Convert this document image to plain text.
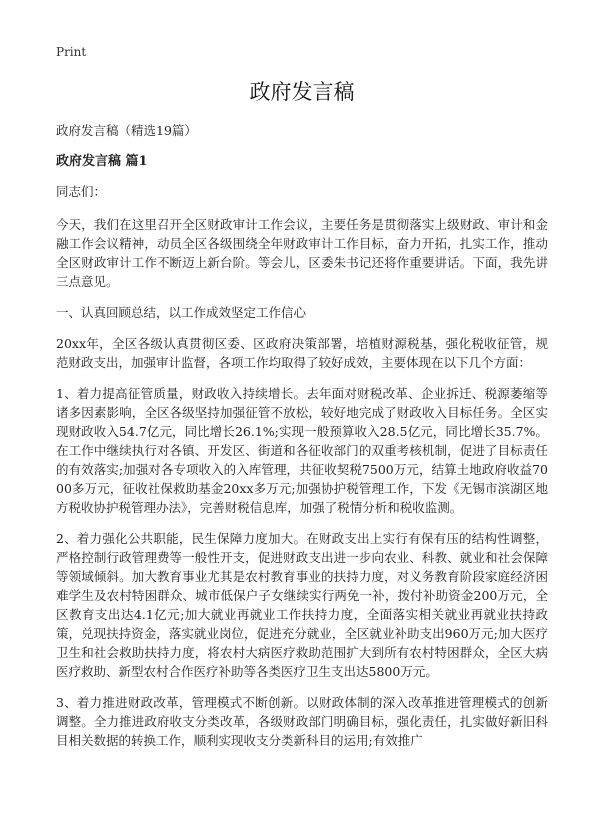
Print
政府发言稿
政府发言稿（精选19篇）
政府发言稿 篇1
同志们：

今天，我们在这里召开全区财政审计工作会议，主要任务是贯彻落实上级财政、审计和金融工作会议精神，动员全区各级围绕全年财政审计工作目标，奋力开拓，扎实工作，推动全区财政审计工作不断迈上新台阶。等会儿，区委朱书记还将作重要讲话。下面，我先讲三点意见。

一、认真回顾总结，以工作成效坚定工作信心

20xx年，全区各级认真贯彻区委、区政府决策部署，培植财源税基，强化税收征管，规范财政支出，加强审计监督，各项工作均取得了较好成效，主要体现在以下几个方面：

1、着力提高征管质量，财政收入持续增长。去年面对财税改革、企业拆迁、税源萎缩等诸多因素影响，全区各级坚持加强征管不放松，较好地完成了财政收入目标任务。全区实现财政收入54.7亿元，同比增长26.1%;实现一般预算收入28.5亿元，同比增长35.7%。在工作中继续执行对各镇、开发区、街道和各征收部门的双重考核机制，促进了目标责任的有效落实;加强对各专项收入的入库管理，共征收契税7500万元，结算土地政府收益7000多万元，征收社保救助基金20xx多万元;加强协护税管理工作，下发《无锡市滨湖区地方税收协护税管理办法》，完善财税信息库，加强了税情分析和税收监测。

2、着力强化公共职能，民生保障力度加大。在财政支出上实行有保有压的结构性调整，严格控制行政管理费等一般性开支，促进财政支出进一步向农业、科教、就业和社会保障等领域倾斜。加大教育事业尤其是农村教育事业的扶持力度，对义务教育阶段家庭经济困难学生及农村特困群众、城市低保户子女继续实行两免一补，拨付补助资金200万元，全区教育支出达4.1亿元;加大就业再就业工作扶持力度，全面落实相关就业再就业扶持政策，兑现扶持资金，落实就业岗位，促进充分就业，全区就业补助支出960万元;加大医疗卫生和社会救助扶持力度，将农村大病医疗救助范围扩大到所有农村特困群众，全区大病医疗救助、新型农村合作医疗补助等各类医疗卫生支出达5800万元。

3、着力推进财政改革，管理模式不断创新。以财政体制的深入改革推进管理模式的创新调整。全力推进政府收支分类改革，各级财政部门明确目标，强化责任，扎实做好新旧科目相关数据的转换工作，顺利实现收支分类新科目的运用;有效推广
